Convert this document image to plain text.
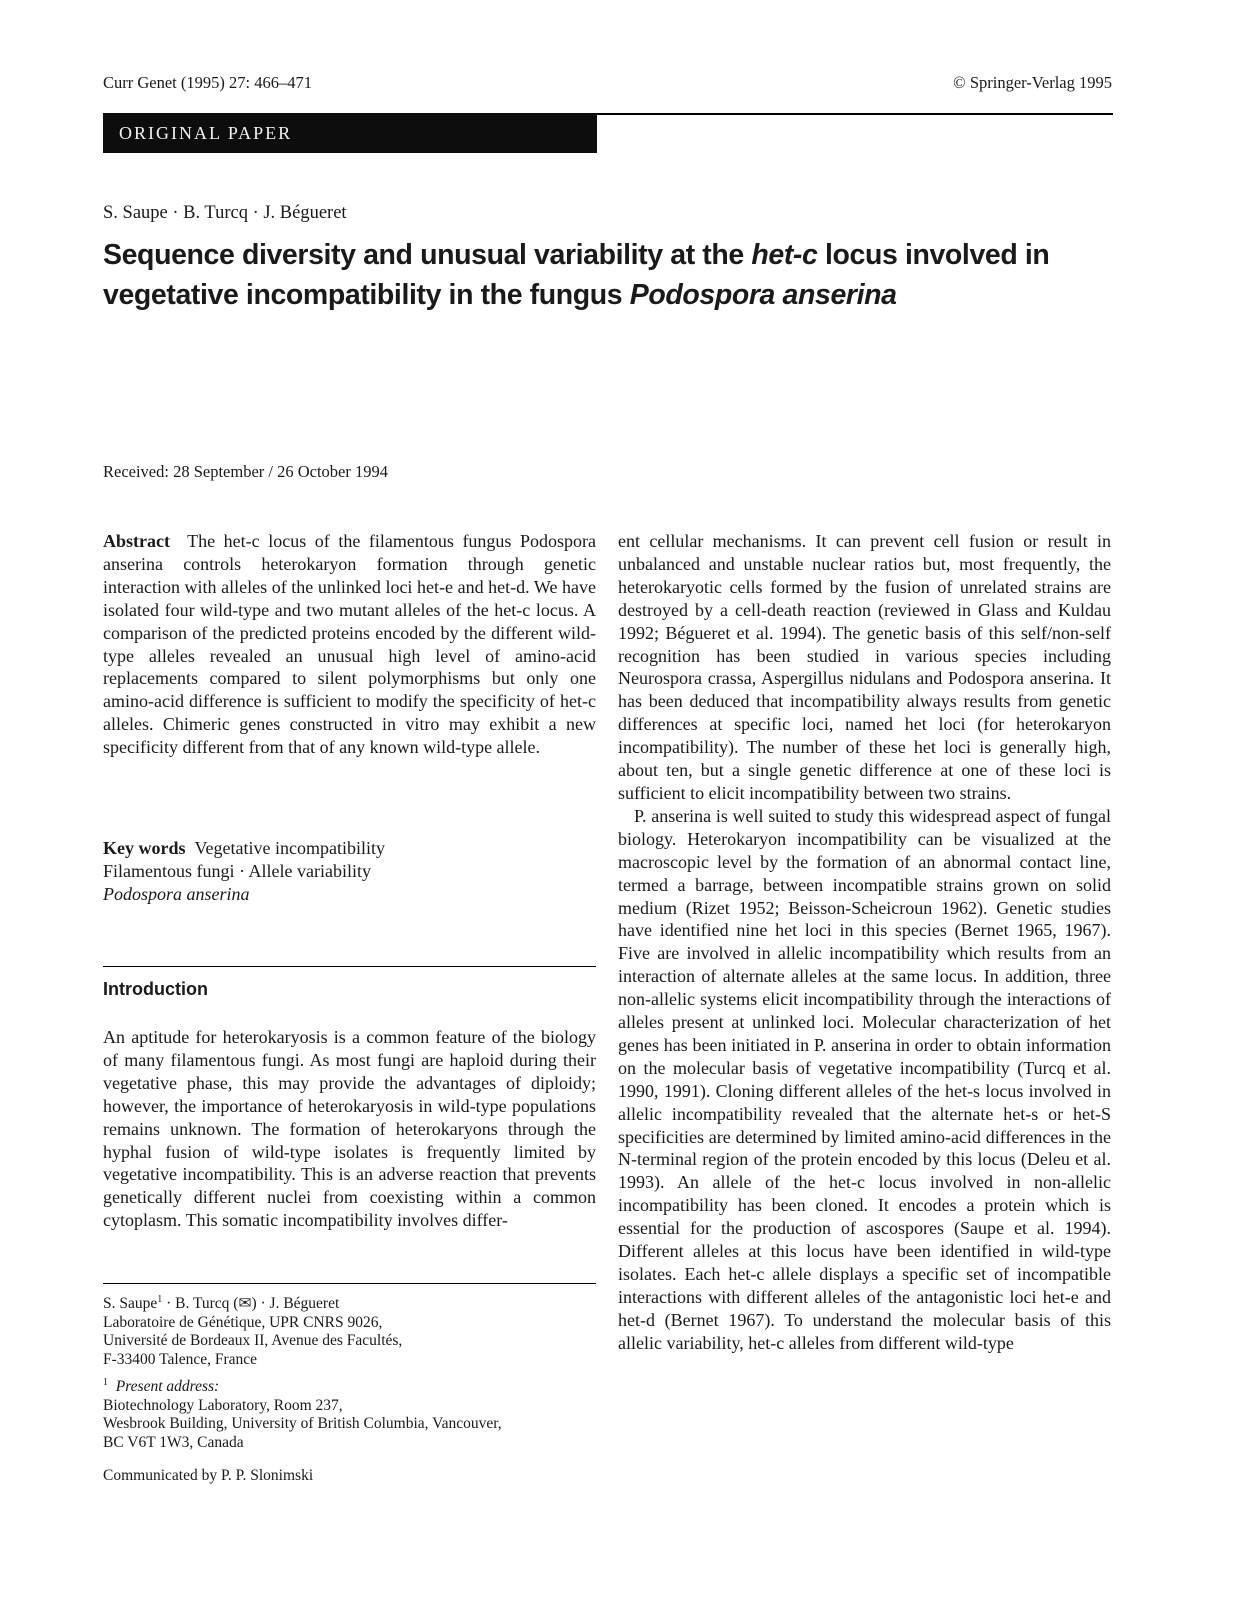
Curr Genet (1995) 27: 466–471	© Springer-Verlag 1995
ORIGINAL PAPER
S. Saupe · B. Turcq · J. Bégueret
Sequence diversity and unusual variability at the het-c locus involved in vegetative incompatibility in the fungus Podospora anserina
Received: 28 September / 26 October 1994

Abstract The het-c locus of the filamentous fungus Podospora anserina controls heterokaryon formation through genetic interaction with alleles of the unlinked loci het-e and het-d. We have isolated four wild-type and two mutant alleles of the het-c locus. A comparison of the predicted proteins encoded by the different wild-type alleles revealed an unusual high level of amino-acid replacements compared to silent polymorphisms but only one amino-acid difference is sufficient to modify the specificity of het-c alleles. Chimeric genes constructed in vitro may exhibit a new specificity different from that of any known wild-type allele.

Key words Vegetative incompatibility
Filamentous fungi · Allele variability
Podospora anserina
Introduction

An aptitude for heterokaryosis is a common feature of the biology of many filamentous fungi. As most fungi are haploid during their vegetative phase, this may provide the advantages of diploidy; however, the importance of heterokaryosis in wild-type populations remains unknown. The formation of heterokaryons through the hyphal fusion of wild-type isolates is frequently limited by vegetative incompatibility. This is an adverse reaction that prevents genetically different nuclei from coexisting within a common cytoplasm. This somatic incompatibility involves differ-

S. Saupe$^1$ · B. Turcq (✉) · J. Bégueret
Laboratoire de Génétique, UPR CNRS 9026,
Université de Bordeaux II, Avenue des Facultés,
F-33400 Talence, France
$^1$ Present address:
Biotechnology Laboratory, Room 237,
Wesbrook Building, University of British Columbia, Vancouver,
BC V6T 1W3, Canada
Communicated by P. P. Slonimski

ent cellular mechanisms. It can prevent cell fusion or result in unbalanced and unstable nuclear ratios but, most frequently, the heterokaryotic cells formed by the fusion of unrelated strains are destroyed by a cell-death reaction (reviewed in Glass and Kuldau 1992; Bégueret et al. 1994). The genetic basis of this self/non-self recognition has been studied in various species including Neurospora crassa, Aspergillus nidulans and Podospora anserina. It has been deduced that incompatibility always results from genetic differences at specific loci, named het loci (for heterokaryon incompatibility). The number of these het loci is generally high, about ten, but a single genetic difference at one of these loci is sufficient to elicit incompatibility between two strains.

P. anserina is well suited to study this widespread aspect of fungal biology. Heterokaryon incompatibility can be visualized at the macroscopic level by the formation of an abnormal contact line, termed a barrage, between incompatible strains grown on solid medium (Rizet 1952; Beisson-Scheicroun 1962). Genetic studies have identified nine het loci in this species (Bernet 1965, 1967). Five are involved in allelic incompatibility which results from an interaction of alternate alleles at the same locus. In addition, three non-allelic systems elicit incompatibility through the interactions of alleles present at unlinked loci. Molecular characterization of het genes has been initiated in P. anserina in order to obtain information on the molecular basis of vegetative incompatibility (Turcq et al. 1990, 1991). Cloning different alleles of the het-s locus involved in allelic incompatibility revealed that the alternate het-s or het-S specificities are determined by limited amino-acid differences in the N-terminal region of the protein encoded by this locus (Deleu et al. 1993). An allele of the het-c locus involved in non-allelic incompatibility has been cloned. It encodes a protein which is essential for the production of ascospores (Saupe et al. 1994). Different alleles at this locus have been identified in wild-type isolates. Each het-c allele displays a specific set of incompatible interactions with different alleles of the antagonistic loci het-e and het-d (Bernet 1967). To understand the molecular basis of this allelic variability, het-c alleles from different wild-type
